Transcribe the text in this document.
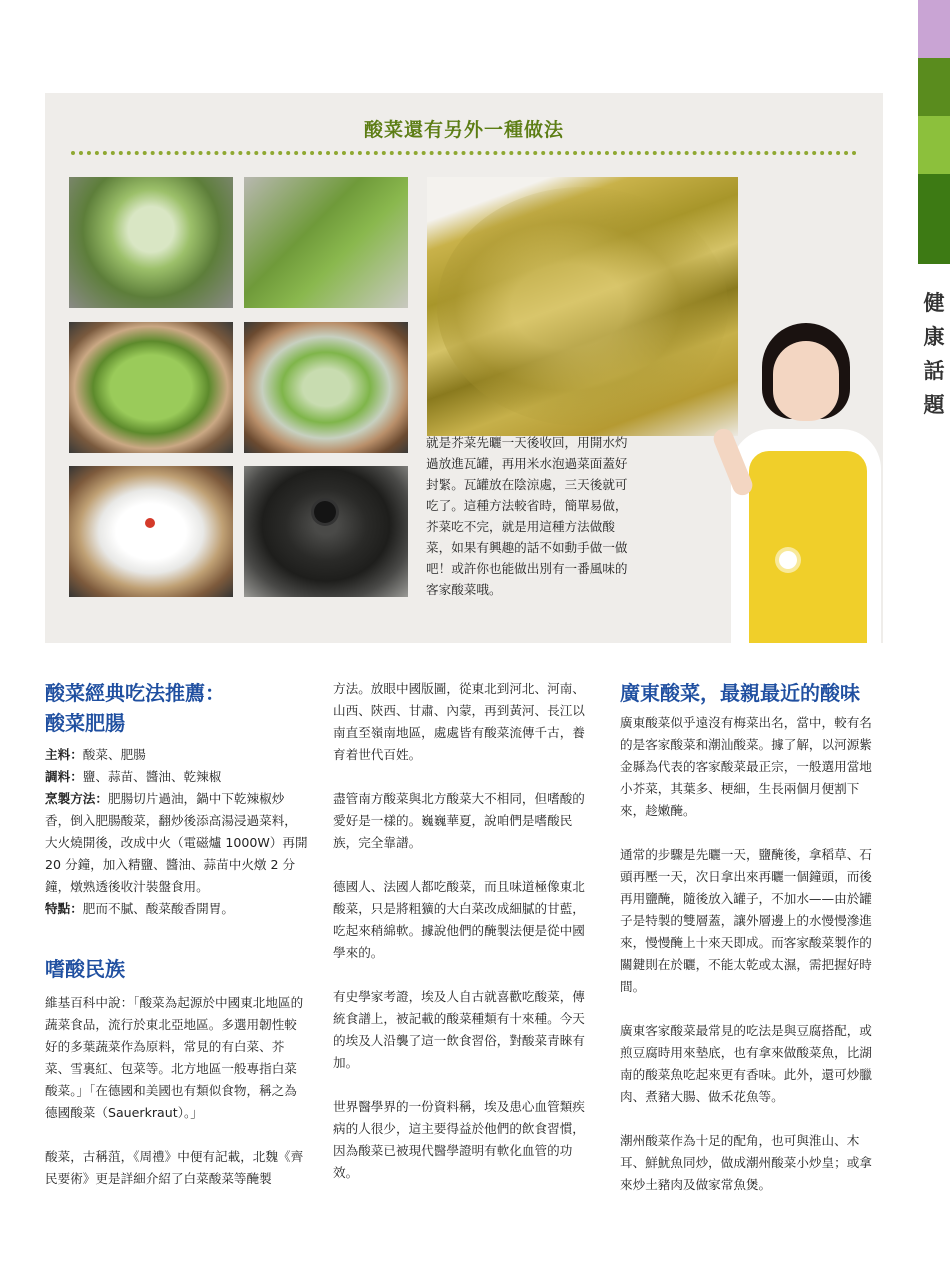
11
健
康
話
題
酸菜還有另外一種做法
就是芥菜先曬一天後收回，用開水灼過放進瓦罐，再用米水泡過菜面蓋好封緊。瓦罐放在陰涼處，三天後就可吃了。這種方法較省時，簡單易做，芥菜吃不完，就是用這種方法做酸菜，如果有興趣的話不如動手做一做吧！或許你也能做出別有一番風味的客家酸菜哦。
酸菜經典吃法推薦：
酸菜肥腸

主料：酸菜、肥腸

調料：鹽、蒜苗、醬油、乾辣椒

烹製方法：肥腸切片過油，鍋中下乾辣椒炒香，倒入肥腸酸菜，翻炒後添高湯浸過菜料，大火燒開後，改成中火（電磁爐 1000W）再開 20 分鐘，加入精鹽、醬油、蒜苗中火燉 2 分鐘，燉熟透後收汁裝盤食用。

特點：肥而不膩、酸菜酸香開胃。

嗜酸民族

維基百科中說：「酸菜為起源於中國東北地區的蔬菜食品，流行於東北亞地區。多選用韌性較好的多葉蔬菜作為原料，常見的有白菜、芥菜、雪裏紅、包菜等。北方地區一般專指白菜酸菜。」「在德國和美國也有類似食物，稱之為德國酸菜（Sauerkraut）。」

酸菜，古稱菹，《周禮》中便有記載，北魏《齊民要術》更是詳細介紹了白菜酸菜等醃製

方法。放眼中國版圖，從東北到河北、河南、山西、陝西、甘肅、內蒙，再到黃河、長江以南直至嶺南地區，處處皆有酸菜流傳千古，養育着世代百姓。

盡管南方酸菜與北方酸菜大不相同，但嗜酸的愛好是一樣的。巍巍華夏，說咱們是嗜酸民族，完全靠譜。

德國人、法國人都吃酸菜，而且味道極像東北酸菜，只是將粗獷的大白菜改成細膩的甘藍，吃起來稍綿軟。據說他們的醃製法便是從中國學來的。

有史學家考證，埃及人自古就喜歡吃酸菜，傳統食譜上，被記載的酸菜種類有十來種。今天的埃及人沿襲了這一飲食習俗，對酸菜青睞有加。

世界醫學界的一份資料稱，埃及患心血管類疾病的人很少，這主要得益於他們的飲食習慣，因為酸菜已被現代醫學證明有軟化血管的功效。

廣東酸菜，最親最近的酸味

廣東酸菜似乎遠沒有梅菜出名，當中，較有名的是客家酸菜和潮汕酸菜。據了解，以河源紫金縣為代表的客家酸菜最正宗，一般選用當地小芥菜，其葉多、梗細，生長兩個月便割下來，趁嫩醃。

通常的步驟是先曬一天，鹽醃後，拿稻草、石頭再壓一天，次日拿出來再曬一個鐘頭，而後再用鹽醃，隨後放入罐子，不加水——由於罐子是特製的雙層蓋，讓外層邊上的水慢慢滲進來，慢慢醃上十來天即成。而客家酸菜製作的關鍵則在於曬，不能太乾或太濕，需把握好時間。

廣東客家酸菜最常見的吃法是與豆腐搭配，或煎豆腐時用來墊底，也有拿來做酸菜魚，比湖南的酸菜魚吃起來更有香味。此外，還可炒臘肉、煮豬大腸、做禾花魚等。

潮州酸菜作為十足的配角，也可與淮山、木耳、鮮魷魚同炒，做成潮州酸菜小炒皇；或拿來炒土豬肉及做家常魚煲。
